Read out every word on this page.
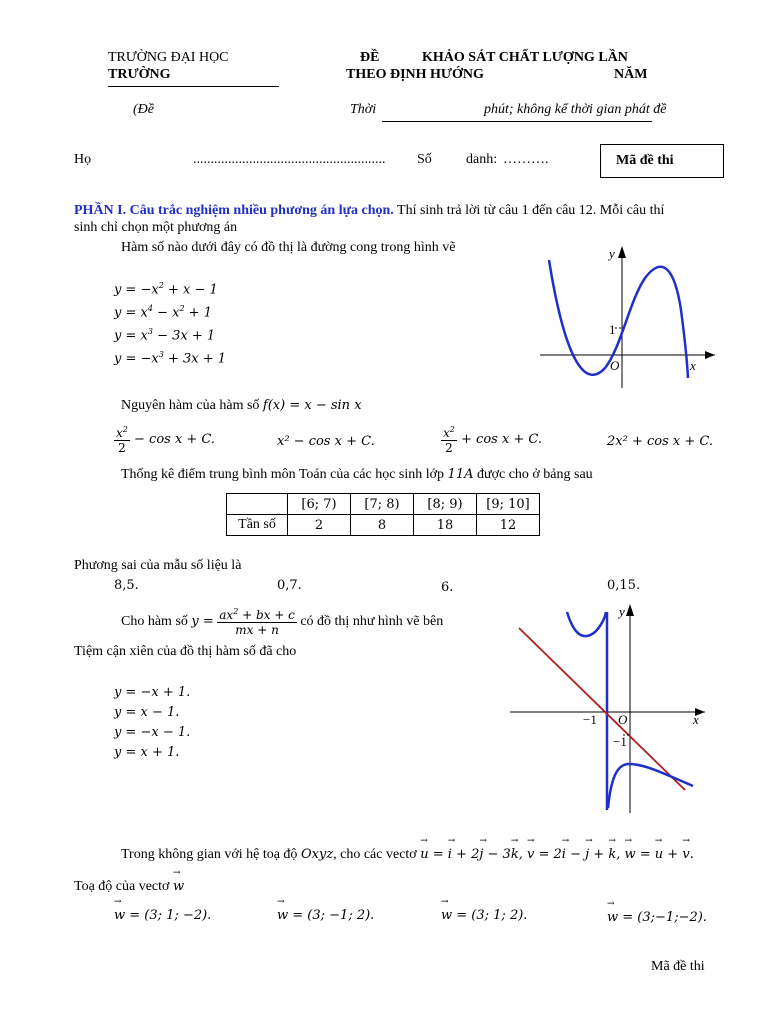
TRƯỜNG ĐẠI HỌC
TRƯỜNG
ĐỀ	KHẢO SÁT CHẤT LƯỢNG LẦN
THEO ĐỊNH HƯỚNG	NĂM
(Đề	Thời	phút; không kể thời gian phát đề
Họ	....................................................... Số danh: ……….	Mã đề thi
PHẦN I. Câu trắc nghiệm nhiều phương án lựa chọn. Thí sinh trả lời từ câu 1 đến câu 12. Mỗi câu thí
sinh chỉ chọn một phương án
Hàm số nào dưới đây có đồ thị là đường cong trong hình vẽ
$y = -x^2 + x - 1$
$y = x^4 - x^2 + 1$
$y = x^3 - 3x + 1$
$y = -x^3 + 3x + 1$
y
x
O
1
Nguyên hàm của hàm số f(x) = x − sin x
$\frac{x^2}{2} - \cos x + C$.	x² − cos x + C.	$\frac{x^2}{2} + \cos x + C$.	2x² + cos x + C.
Thống kê điểm trung bình môn Toán của các học sinh lớp 11A được cho ở bảng sau
	[6; 7)	[7; 8)	[8; 9)	[9; 10]
Tần số	2	8	18	12
Phương sai của mẫu số liệu là
8,5.	0,7.	6.	0,15.
Cho hàm số $y = \frac{ax^2 + bx + c}{mx + n}$ có đồ thị như hình vẽ bên
Tiệm cận xiên của đồ thị hàm số đã cho
y = −x + 1.
y = x − 1.
y = −x − 1.
y = x + 1.
y
x
O
−1
−1
Trong không gian với hệ toạ độ Oxyz, cho các vectơ → u = → i + 2→ j − 3→ k, → v = 2→ i − → j + → k, → w = → u + → v.
Toạ độ của vectơ → w
→ w = (3; 1; −2).	→ w = (3; −1; 2).	→ w = (3; 1; 2).	→ w = (3;−1;−2).
Mã đề thi
